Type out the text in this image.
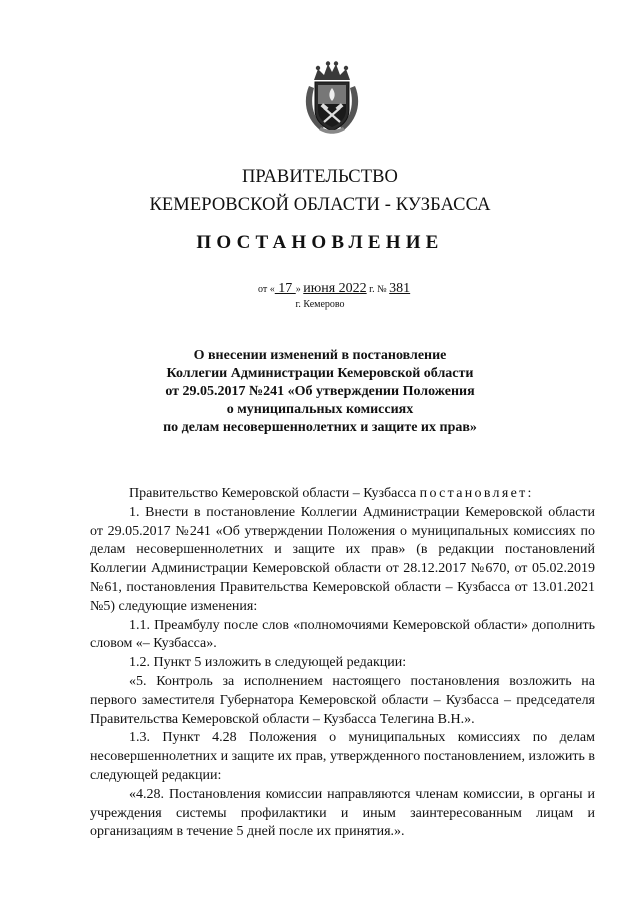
ПРАВИТЕЛЬСТВО
КЕМЕРОВСКОЙ ОБЛАСТИ - КУЗБАССА
ПОСТАНОВЛЕНИЕ
от « 17 » июня 2022 г. № 381
г. Кемерово
О внесении изменений в постановление
Коллегии Администрации Кемеровской области
от 29.05.2017 №241 «Об утверждении Положения
о муниципальных комиссиях
по делам несовершеннолетних и защите их прав»

Правительство Кемеровской области – Кузбасса постановляет:

1. Внести в постановление Коллегии Администрации Кемеровской области от 29.05.2017 №241 «Об утверждении Положения о муниципальных комиссиях по делам несовершеннолетних и защите их прав» (в редакции постановлений Коллегии Администрации Кемеровской области от 28.12.2017 №670, от 05.02.2019 №61, постановления Правительства Кемеровской области – Кузбасса от 13.01.2021 №5) следующие изменения:

1.1. Преамбулу после слов «полномочиями Кемеровской области» дополнить словом «– Кузбасса».

1.2. Пункт 5 изложить в следующей редакции:

«5. Контроль за исполнением настоящего постановления возложить на первого заместителя Губернатора Кемеровской области – Кузбасса – председателя Правительства Кемеровской области – Кузбасса Телегина В.Н.».

1.3. Пункт 4.28 Положения о муниципальных комиссиях по делам несовершеннолетних и защите их прав, утвержденного постановлением, изложить в следующей редакции:

«4.28. Постановления комиссии направляются членам комиссии, в органы и учреждения системы профилактики и иным заинтересованным лицам и организациям в течение 5 дней после их принятия.».
